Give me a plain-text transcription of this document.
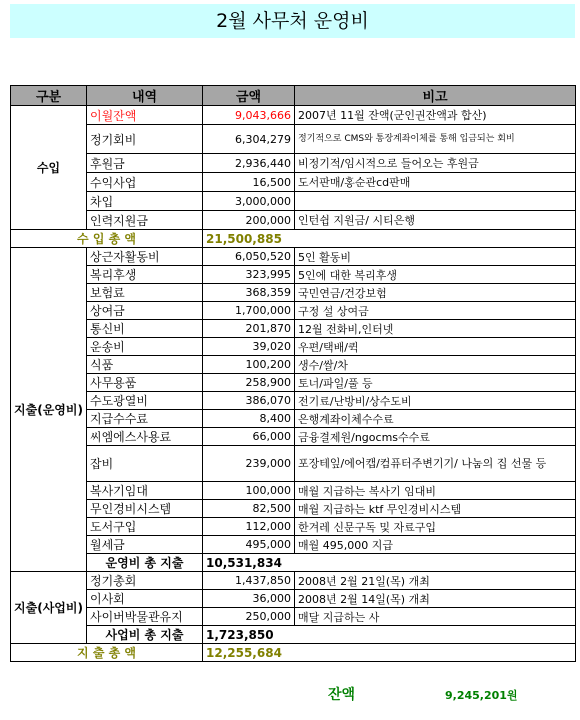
2월 사무처 운영비
구분	내역	금액	비고
수입	이월잔액	9,043,666	2007년 11월 잔액(군인권잔액과 합산)
	정기회비	6,304,279	정기적으로 CMS와 통장계좌이체를 통해 입금되는 회비
	후원금	2,936,440	비정기적/임시적으로 들어오는 후원금
	수익사업	16,500	도서판매/홍순관cd판매
	차입	3,000,000	
	인력지원금	200,000	인턴쉽 지원금/ 시티은행
수 입 총 액		21,500,885	
지출(운영비)	상근자활동비	6,050,520	5인 활동비
	복리후생	323,995	5인에 대한 복리후생
	보험료	368,359	국민연금/건강보험
	상여금	1,700,000	구정 설 상여금
	통신비	201,870	12월 전화비,인터넷
	운송비	39,020	우편/택배/퀵
	식품	100,200	생수/쌀/차
	사무용품	258,900	토너/파일/풀 등
	수도광열비	386,070	전기료/난방비/상수도비
	지급수수료	8,400	은행계좌이체수수료
	씨엠에스사용료	66,000	금융결제원/ngocms수수료
	잡비	239,000	포장테잎/에어캡/컴퓨터주변기기/ 나눔의 집 선물 등
	복사기임대	100,000	매월 지급하는 복사기 임대비
	무인경비시스템	82,500	매월 지급하는 ktf 무인경비시스템
	도서구입	112,000	한겨레 신문구독 및 자료구입
	월세금	495,000	매월 495,000 지급
	운영비 총 지출	10,531,834	
지출(사업비)	정기총회	1,437,850	2008년 2월 21일(목) 개최
	이사회	36,000	2008년 2월 14일(목) 개최
	사이버박물관유지	250,000	매달 지급하는 사
	사업비 총 지출	1,723,850	
지 출 총 액		12,255,684	
잔액	9,245,201원
